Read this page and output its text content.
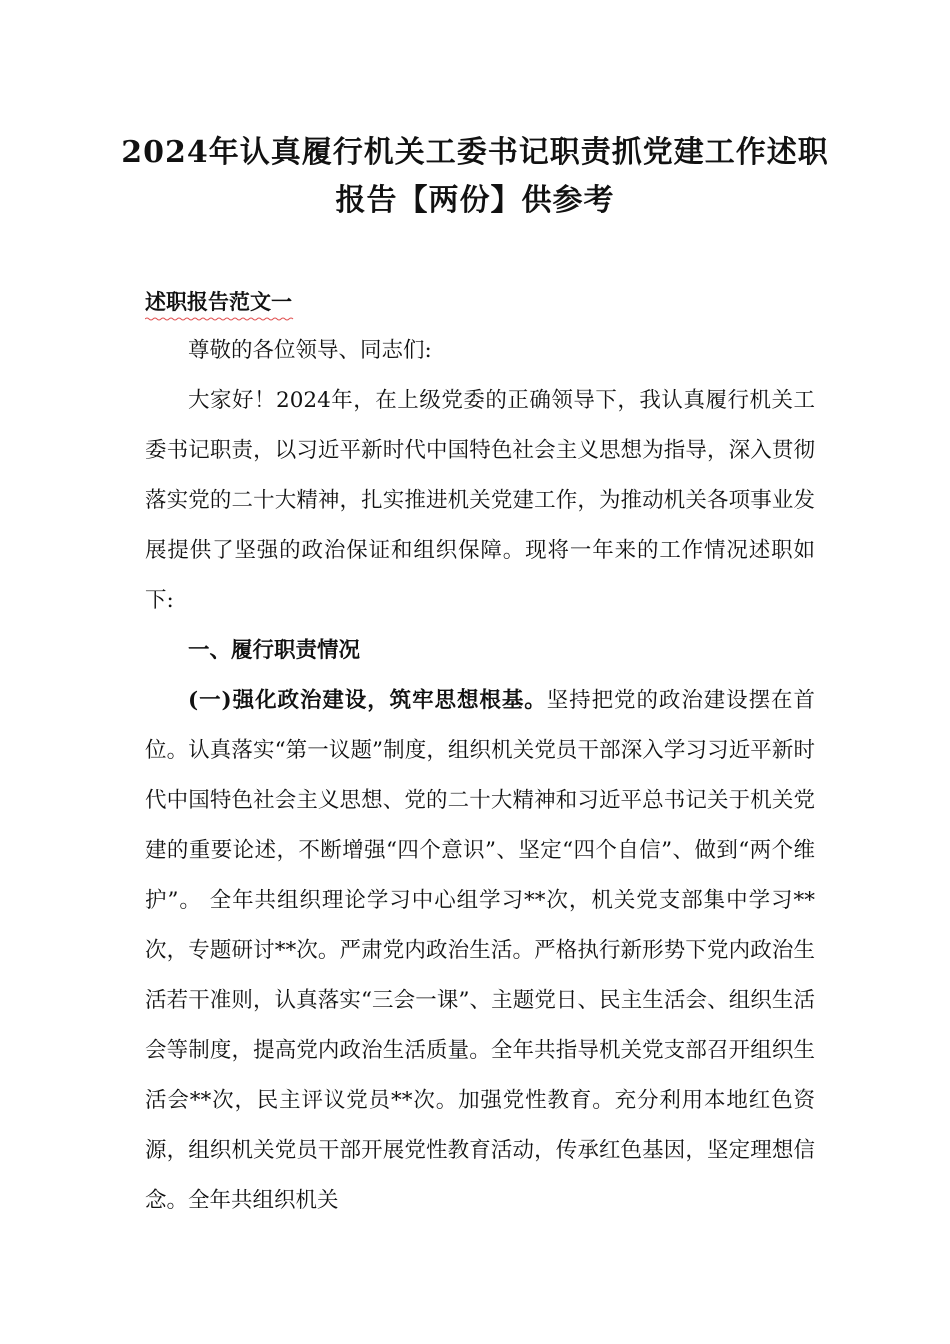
2024年认真履行机关工委书记职责抓党建工作述职
报告【两份】供参考
述职报告范文一

尊敬的各位领导、同志们:

大家好！2024年，在上级党委的正确领导下，我认真履行机关工委书记职责，以习近平新时代中国特色社会主义思想为指导，深入贯彻落实党的二十大精神，扎实推进机关党建工作，为推动机关各项事业发展提供了坚强的政治保证和组织保障。现将一年来的工作情况述职如下:

一、履行职责情况

(一)强化政治建设，筑牢思想根基。坚持把党的政治建设摆在首位。认真落实“第一议题”制度，组织机关党员干部深入学习习近平新时代中国特色社会主义思想、党的二十大精神和习近平总书记关于机关党建的重要论述，不断增强“四个意识”、坚定“四个自信”、做到“两个维护”。 全年共组织理论学习中心组学习**次，机关党支部集中学习**次，专题研讨**次。严肃党内政治生活。严格执行新形势下党内政治生活若干准则，认真落实“三会一课”、主题党日、民主生活会、组织生活会等制度，提高党内政治生活质量。全年共指导机关党支部召开组织生活会**次，民主评议党员**次。加强党性教育。充分利用本地红色资源，组织机关党员干部开展党性教育活动，传承红色基因，坚定理想信念。全年共组织机关
